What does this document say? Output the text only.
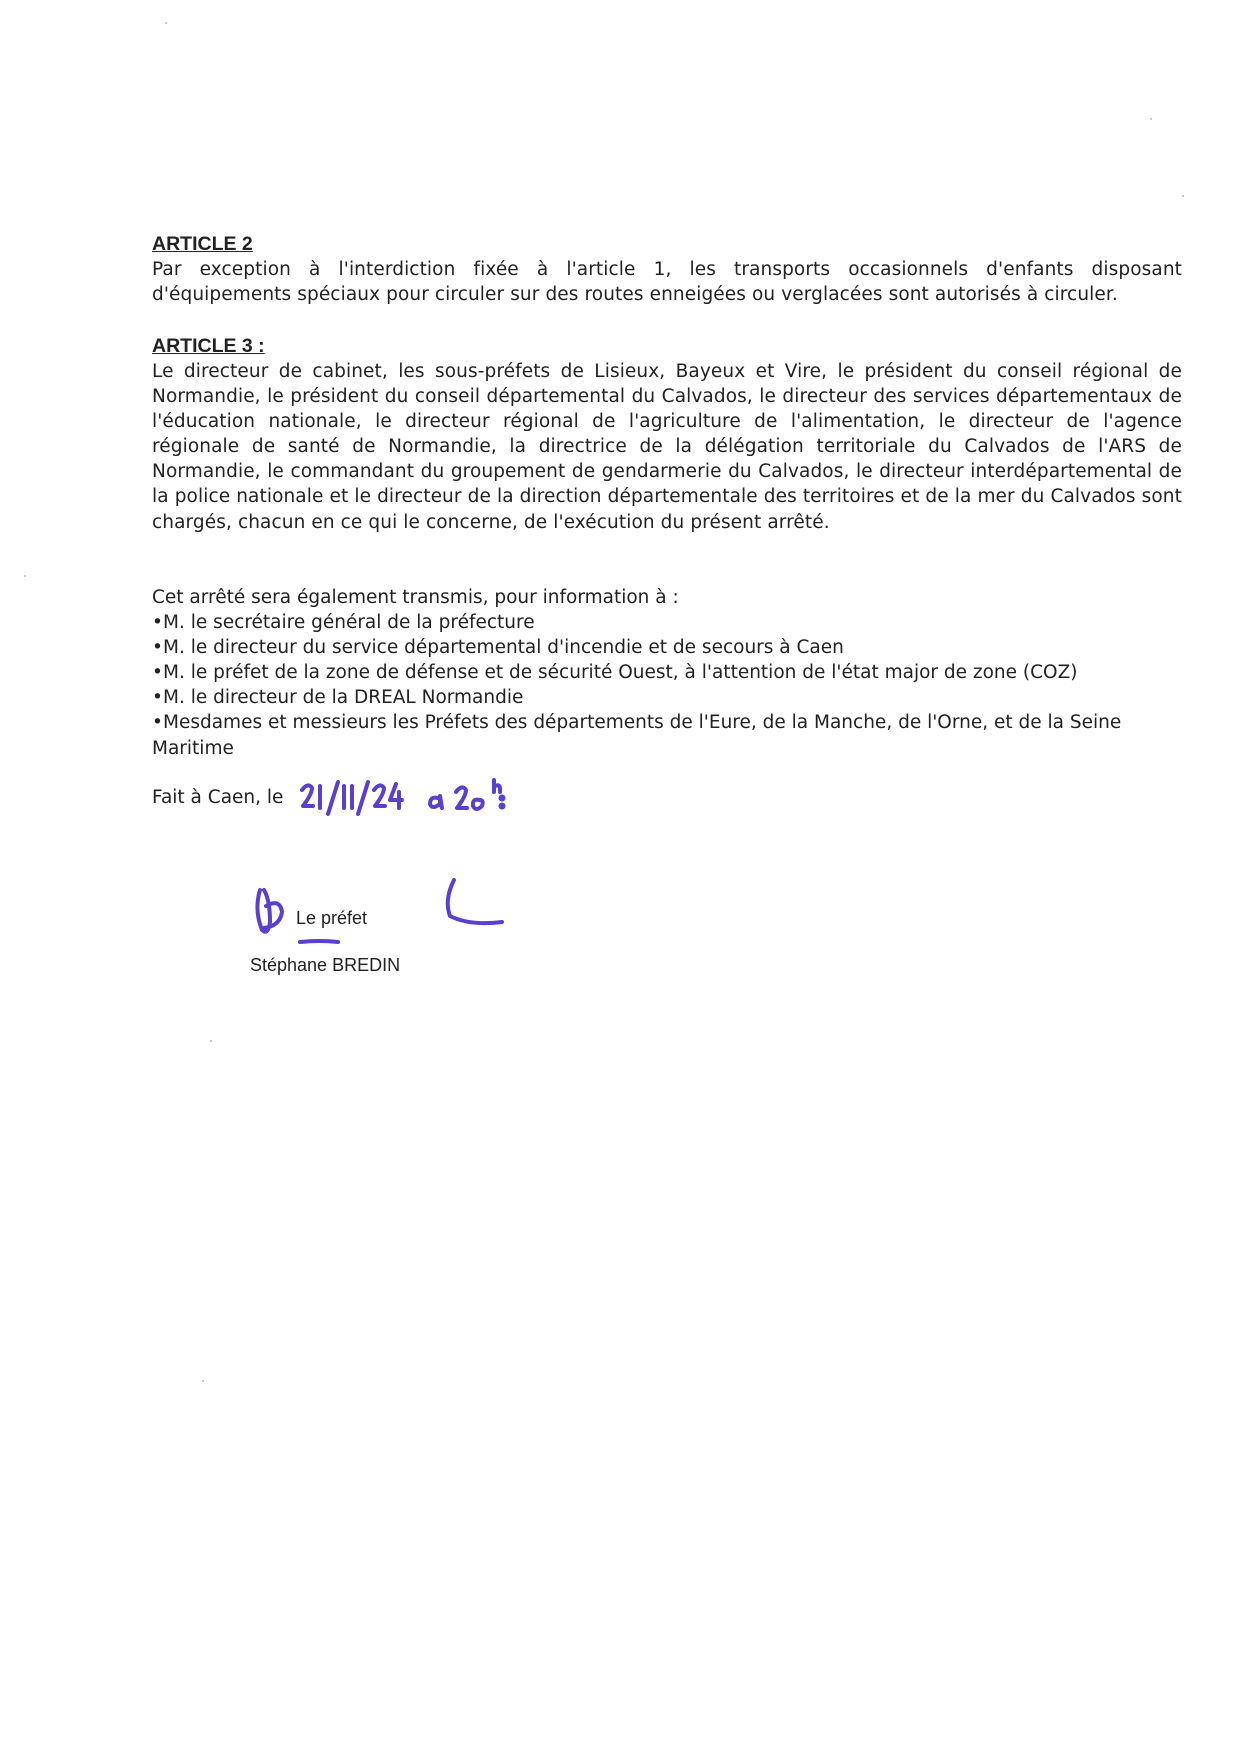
ARTICLE 2

Par exception à l'interdiction fixée à l'article 1, les transports occasionnels d'enfants disposant d'équipements spéciaux pour circuler sur des routes enneigées ou verglacées sont autorisés à circuler.

ARTICLE 3 :

Le directeur de cabinet, les sous-préfets de Lisieux, Bayeux et Vire, le président du conseil régional de Normandie, le président du conseil départemental du Calvados, le directeur des services départementaux de l'éducation nationale, le directeur régional de l'agriculture de l'alimentation, le directeur de l'agence régionale de santé de Normandie, la directrice de la délégation territoriale du Calvados de l'ARS de Normandie, le commandant du groupement de gendarmerie du Calvados, le directeur interdépartemental de la police nationale et le directeur de la direction départementale des territoires et de la mer du Calvados sont chargés, chacun en ce qui le concerne, de l'exécution du présent arrêté.

Cet arrêté sera également transmis, pour information à :

•M. le secrétaire général de la préfecture
•M. le directeur du service départemental d'incendie et de secours à Caen
•M. le préfet de la zone de défense et de sécurité Ouest, à l'attention de l'état major de zone (COZ)
•M. le directeur de la DREAL Normandie
•Mesdames et messieurs les Préfets des départements de l'Eure, de la Manche, de l'Orne, et de la Seine Maritime

Fait à Caen, le

Le préfet
Stéphane BREDIN
